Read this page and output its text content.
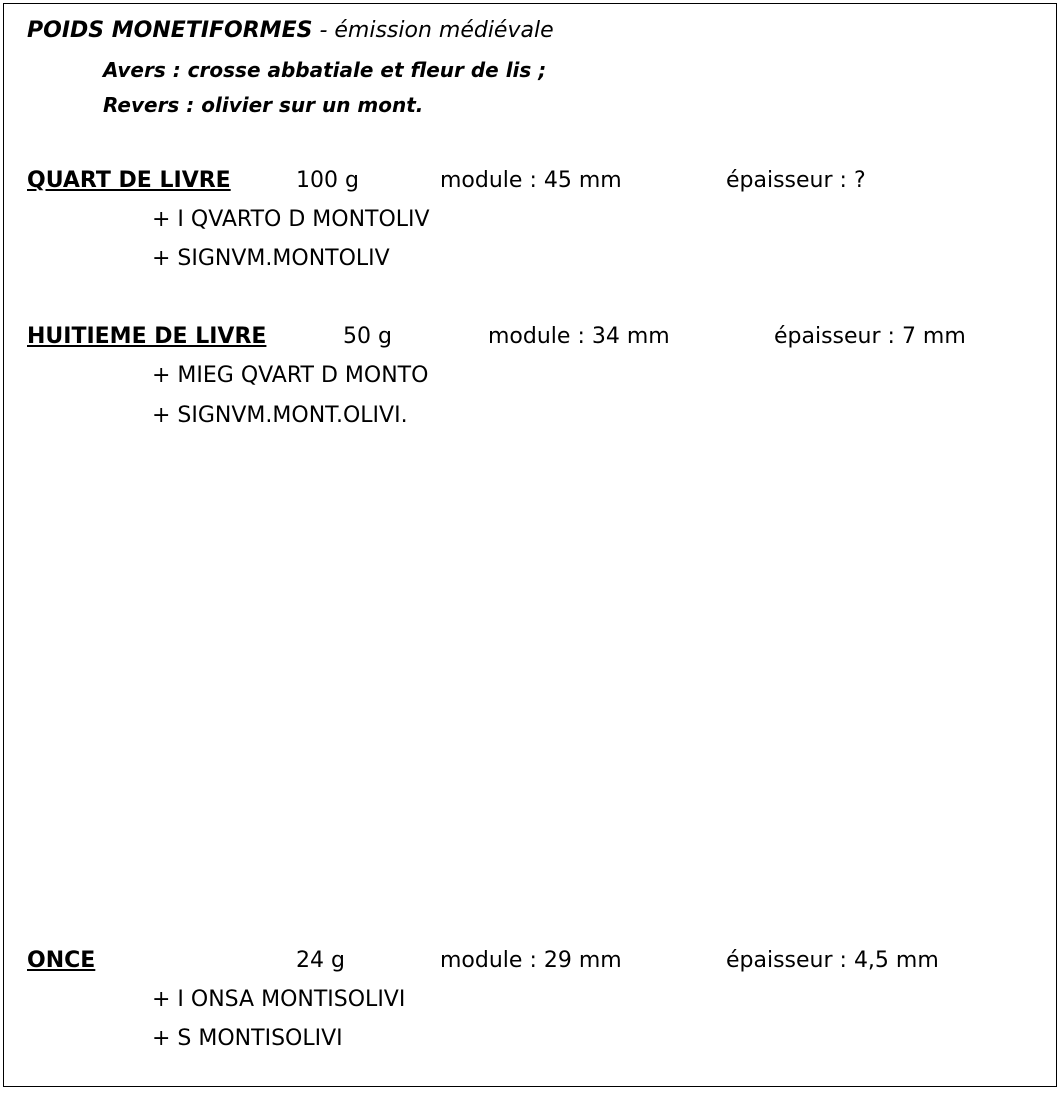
POIDS MONETIFORMES - émission médiévale
Avers : crosse abbatiale et fleur de lis ;
Revers : olivier sur un mont.
QUART DE LIVRE	100 g	module : 45 mm	épaisseur : ?
+ I QVARTO D MONTOLIV
+ SIGNVM.MONTOLIV
HUITIEME DE LIVRE	50 g	module : 34 mm	épaisseur : 7 mm
+ MIEG QVART D MONTO
+ SIGNVM.MONT.OLIVI.
ONCE	24 g	module : 29 mm	épaisseur : 4,5 mm
+ I ONSA MONTISOLIVI
+ S MONTISOLIVI
